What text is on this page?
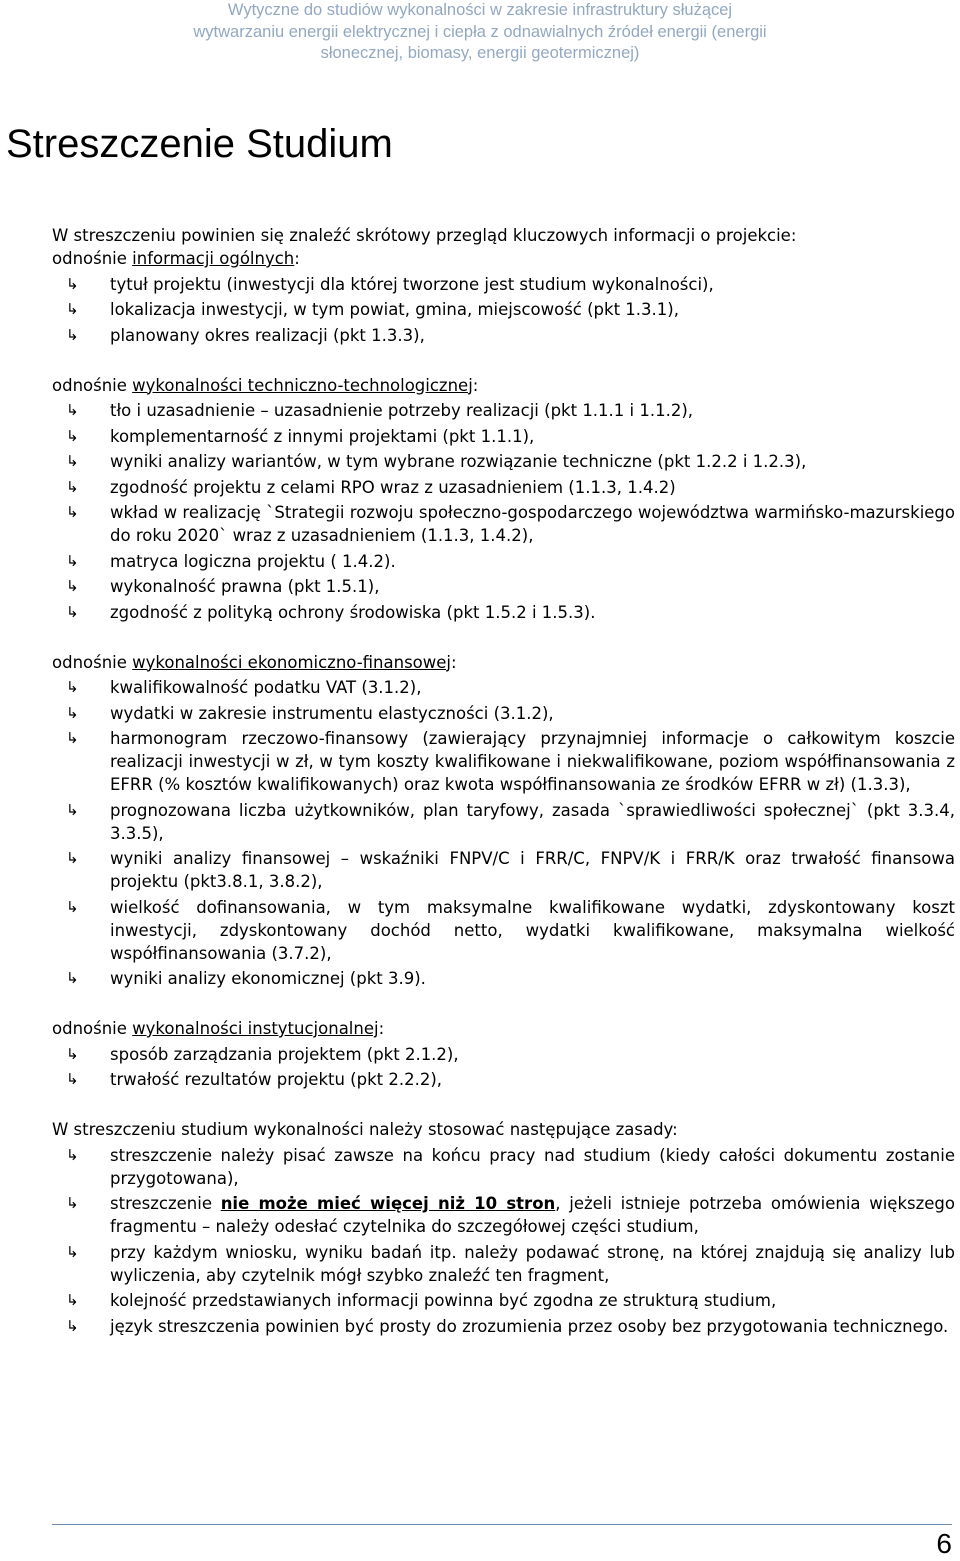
Wytyczne do studiów wykonalności w zakresie infrastruktury służącej
wytwarzaniu energii elektrycznej i ciepła z odnawialnych źródeł energii (energii
słonecznej, biomasy, energii geotermicznej)
Streszczenie Studium

W streszczeniu powinien się znaleźć skrótowy przegląd kluczowych informacji o projekcie:

odnośnie informacji ogólnych:

↳ tytuł projektu (inwestycji dla której tworzone jest studium wykonalności),
↳ lokalizacja inwestycji, w tym powiat, gmina, miejscowość (pkt 1.3.1),
↳ planowany okres realizacji (pkt 1.3.3),

odnośnie wykonalności techniczno-technologicznej:

↳ tło i uzasadnienie – uzasadnienie potrzeby realizacji (pkt 1.1.1 i 1.1.2),
↳ komplementarność z innymi projektami (pkt 1.1.1),
↳ wyniki analizy wariantów, w tym wybrane rozwiązanie techniczne (pkt 1.2.2 i 1.2.3),
↳ zgodność projektu z celami RPO wraz z uzasadnieniem (1.1.3, 1.4.2)
↳ wkład w realizację `Strategii rozwoju społeczno-gospodarczego województwa warmińsko-mazurskiego do roku 2020` wraz z uzasadnieniem (1.1.3, 1.4.2),
↳ matryca logiczna projektu ( 1.4.2).
↳ wykonalność prawna (pkt 1.5.1),
↳ zgodność z polityką ochrony środowiska (pkt 1.5.2 i 1.5.3).

odnośnie wykonalności ekonomiczno-finansowej:

↳ kwalifikowalność podatku VAT (3.1.2),
↳ wydatki w zakresie instrumentu elastyczności (3.1.2),
↳ harmonogram rzeczowo-finansowy (zawierający przynajmniej informacje o całkowitym koszcie realizacji inwestycji w zł, w tym koszty kwalifikowane i niekwalifikowane, poziom współfinansowania z EFRR (% kosztów kwalifikowanych) oraz kwota współfinansowania ze środków EFRR w zł) (1.3.3),
↳ prognozowana liczba użytkowników, plan taryfowy, zasada `sprawiedliwości społecznej` (pkt 3.3.4, 3.3.5),
↳ wyniki analizy finansowej – wskaźniki FNPV/C i FRR/C, FNPV/K i FRR/K oraz trwałość finansowa projektu (pkt3.8.1, 3.8.2),
↳ wielkość dofinansowania, w tym maksymalne kwalifikowane wydatki, zdyskontowany koszt inwestycji, zdyskontowany dochód netto, wydatki kwalifikowane, maksymalna wielkość współfinansowania (3.7.2),
↳ wyniki analizy ekonomicznej (pkt 3.9).

odnośnie wykonalności instytucjonalnej:

↳ sposób zarządzania projektem (pkt 2.1.2),
↳ trwałość rezultatów projektu (pkt 2.2.2),

W streszczeniu studium wykonalności należy stosować następujące zasady:

↳ streszczenie należy pisać zawsze na końcu pracy nad studium (kiedy całości dokumentu zostanie przygotowana),
↳ streszczenie nie może mieć więcej niż 10 stron, jeżeli istnieje potrzeba omówienia większego fragmentu – należy odesłać czytelnika do szczegółowej części studium,
↳ przy każdym wniosku, wyniku badań itp. należy podawać stronę, na której znajdują się analizy lub wyliczenia, aby czytelnik mógł szybko znaleźć ten fragment,
↳ kolejność przedstawianych informacji powinna być zgodna ze strukturą studium,
↳ język streszczenia powinien być prosty do zrozumienia przez osoby bez przygotowania technicznego.
6
